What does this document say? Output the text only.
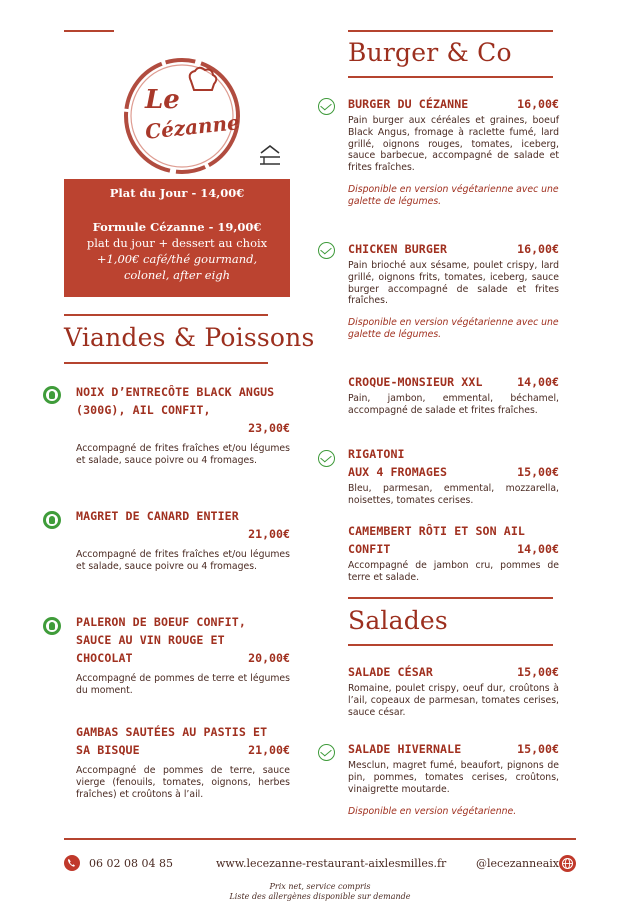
Le
Cézanne
Plat du Jour - 14,00€
Formule Cézanne - 19,00€
plat du jour + dessert au choix
+1,00€ café/thé gourmand, colonel, after eigh
Viandes & Poissons
NOIX D’ENTRECÔTE BLACK ANGUS (300G), AIL CONFIT,
23,00€
Accompagné de frites fraîches et/ou légumes et salade, sauce poivre ou 4 fromages.
MAGRET DE CANARD ENTIER
21,00€
Accompagné de frites fraîches et/ou légumes et salade, sauce poivre ou 4 fromages.
PALERON DE BOEUF CONFIT, SAUCE AU VIN ROUGE ET CHOCOLAT	20,00€
Accompagné de pommes de terre et légumes du moment.
GAMBAS SAUTÉES AU PASTIS ET SA BISQUE	21,00€
Accompagné de pommes de terre, sauce vierge (fenouils, tomates, oignons, herbes fraîches) et croûtons à l’ail.
Burger & Co
BURGER DU CÉZANNE	16,00€
Pain burger aux céréales et graines, boeuf Black Angus, fromage à raclette fumé, lard grillé, oignons rouges, tomates, iceberg, sauce barbecue, accompagné de salade et frites fraîches.
Disponible en version végétarienne avec une galette de légumes.
CHICKEN BURGER	16,00€
Pain brioché aux sésame, poulet crispy, lard grillé, oignons frits, tomates, iceberg, sauce burger accompagné de salade et frites fraîches.
Disponible en version végétarienne avec une galette de légumes.
CROQUE-MONSIEUR XXL	14,00€
Pain, jambon, emmental, béchamel, accompagné de salade et frites fraîches.
RIGATONI
AUX 4 FROMAGES	15,00€
Bleu, parmesan, emmental, mozzarella, noisettes, tomates cerises.
CAMEMBERT RÔTI ET SON AIL
CONFIT	14,00€
Accompagné de jambon cru, pommes de terre et salade.
Salades
SALADE CÉSAR	15,00€
Romaine, poulet crispy, oeuf dur, croûtons à l’ail, copeaux de parmesan, tomates cerises, sauce césar.
SALADE HIVERNALE	15,00€
Mesclun, magret fumé, beaufort, pignons de pin, pommes, tomates cerises, croûtons, vinaigrette moutarde.
Disponible en version végétarienne.
06 02 08 04 85	www.lecezanne-restaurant-aixlesmilles.fr	@lecezanneaix
Prix net, service compris
Liste des allergènes disponible sur demande
